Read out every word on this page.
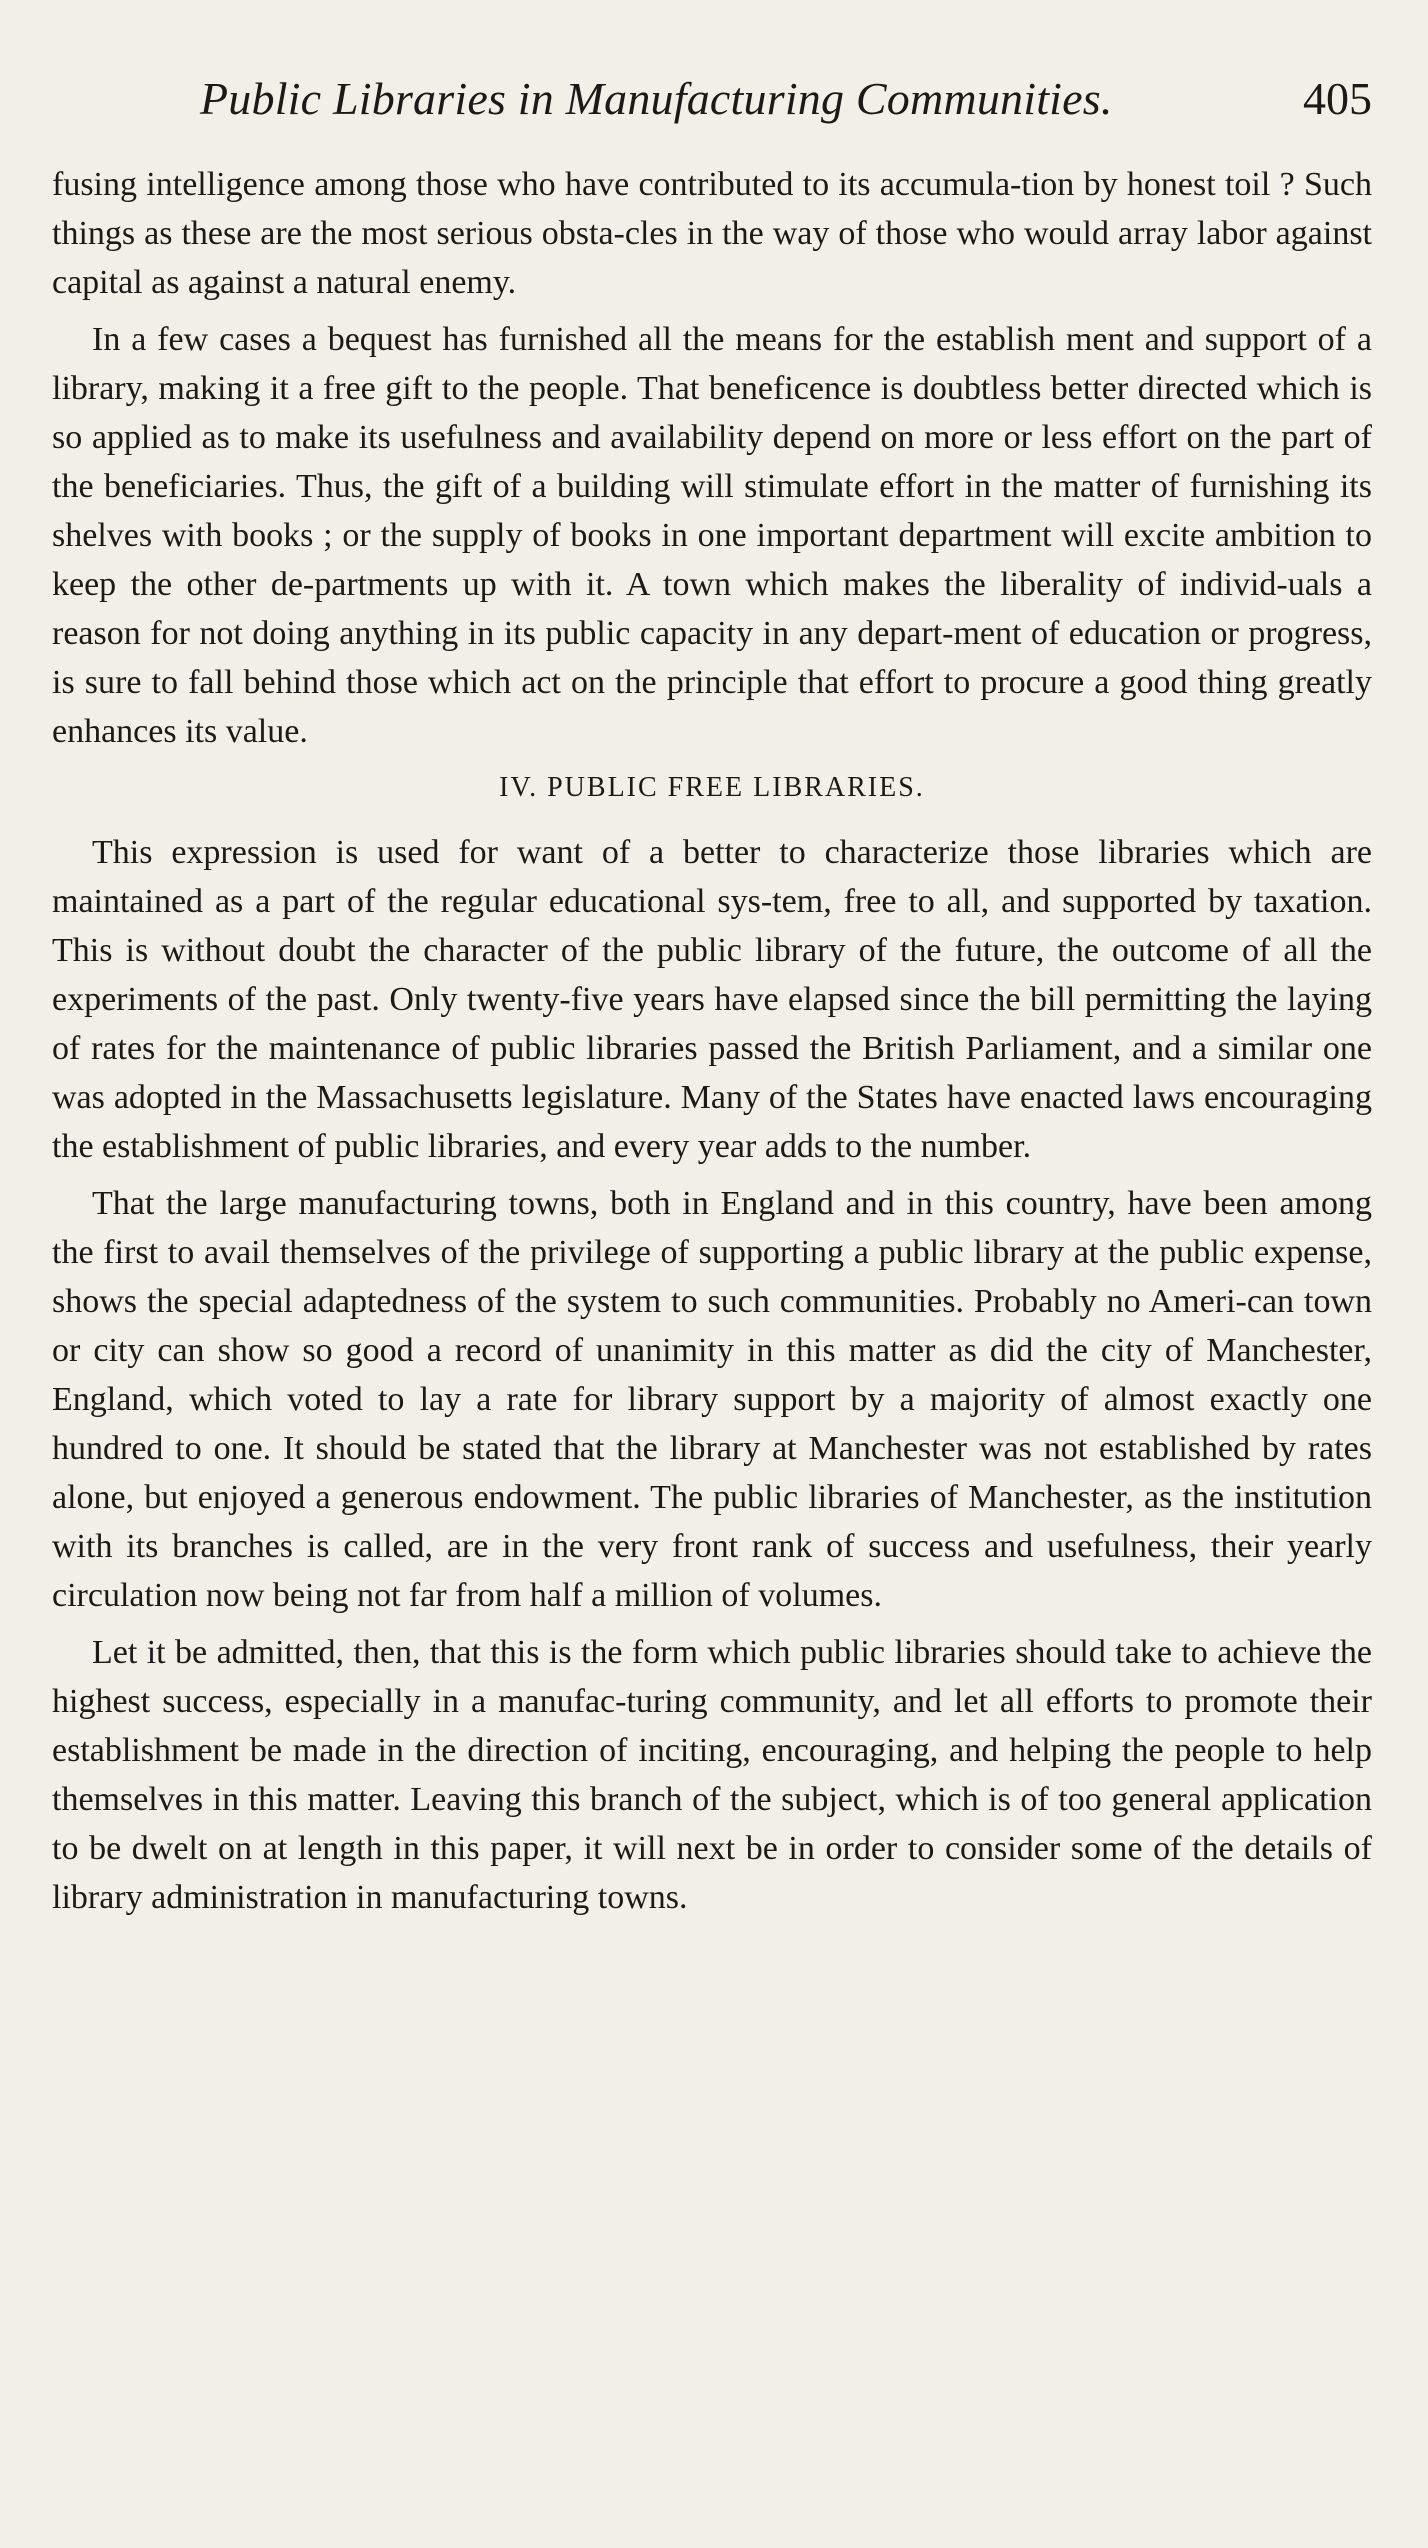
Public Libraries in Manufacturing Communities.	405

fusing intelligence among those who have contributed to its accumula-tion by honest toil ? Such things as these are the most serious obsta-cles in the way of those who would array labor against capital as against a natural enemy.

In a few cases a bequest has furnished all the means for the establish ment and support of a library, making it a free gift to the people. That beneficence is doubtless better directed which is so applied as to make its usefulness and availability depend on more or less effort on the part of the beneficiaries. Thus, the gift of a building will stimulate effort in the matter of furnishing its shelves with books ; or the supply of books in one important department will excite ambition to keep the other de-partments up with it. A town which makes the liberality of individ-uals a reason for not doing anything in its public capacity in any depart-ment of education or progress, is sure to fall behind those which act on the principle that effort to procure a good thing greatly enhances its value.

IV. PUBLIC FREE LIBRARIES.

This expression is used for want of a better to characterize those libraries which are maintained as a part of the regular educational sys-tem, free to all, and supported by taxation. This is without doubt the character of the public library of the future, the outcome of all the experiments of the past. Only twenty-five years have elapsed since the bill permitting the laying of rates for the maintenance of public libraries passed the British Parliament, and a similar one was adopted in the Massachusetts legislature. Many of the States have enacted laws encouraging the establishment of public libraries, and every year adds to the number.

That the large manufacturing towns, both in England and in this country, have been among the first to avail themselves of the privilege of supporting a public library at the public expense, shows the special adaptedness of the system to such communities. Probably no Ameri-can town or city can show so good a record of unanimity in this matter as did the city of Manchester, England, which voted to lay a rate for library support by a majority of almost exactly one hundred to one. It should be stated that the library at Manchester was not established by rates alone, but enjoyed a generous endowment. The public libraries of Manchester, as the institution with its branches is called, are in the very front rank of success and usefulness, their yearly circulation now being not far from half a million of volumes.

Let it be admitted, then, that this is the form which public libraries should take to achieve the highest success, especially in a manufac-turing community, and let all efforts to promote their establishment be made in the direction of inciting, encouraging, and helping the people to help themselves in this matter. Leaving this branch of the subject, which is of too general application to be dwelt on at length in this paper, it will next be in order to consider some of the details of library administration in manufacturing towns.
